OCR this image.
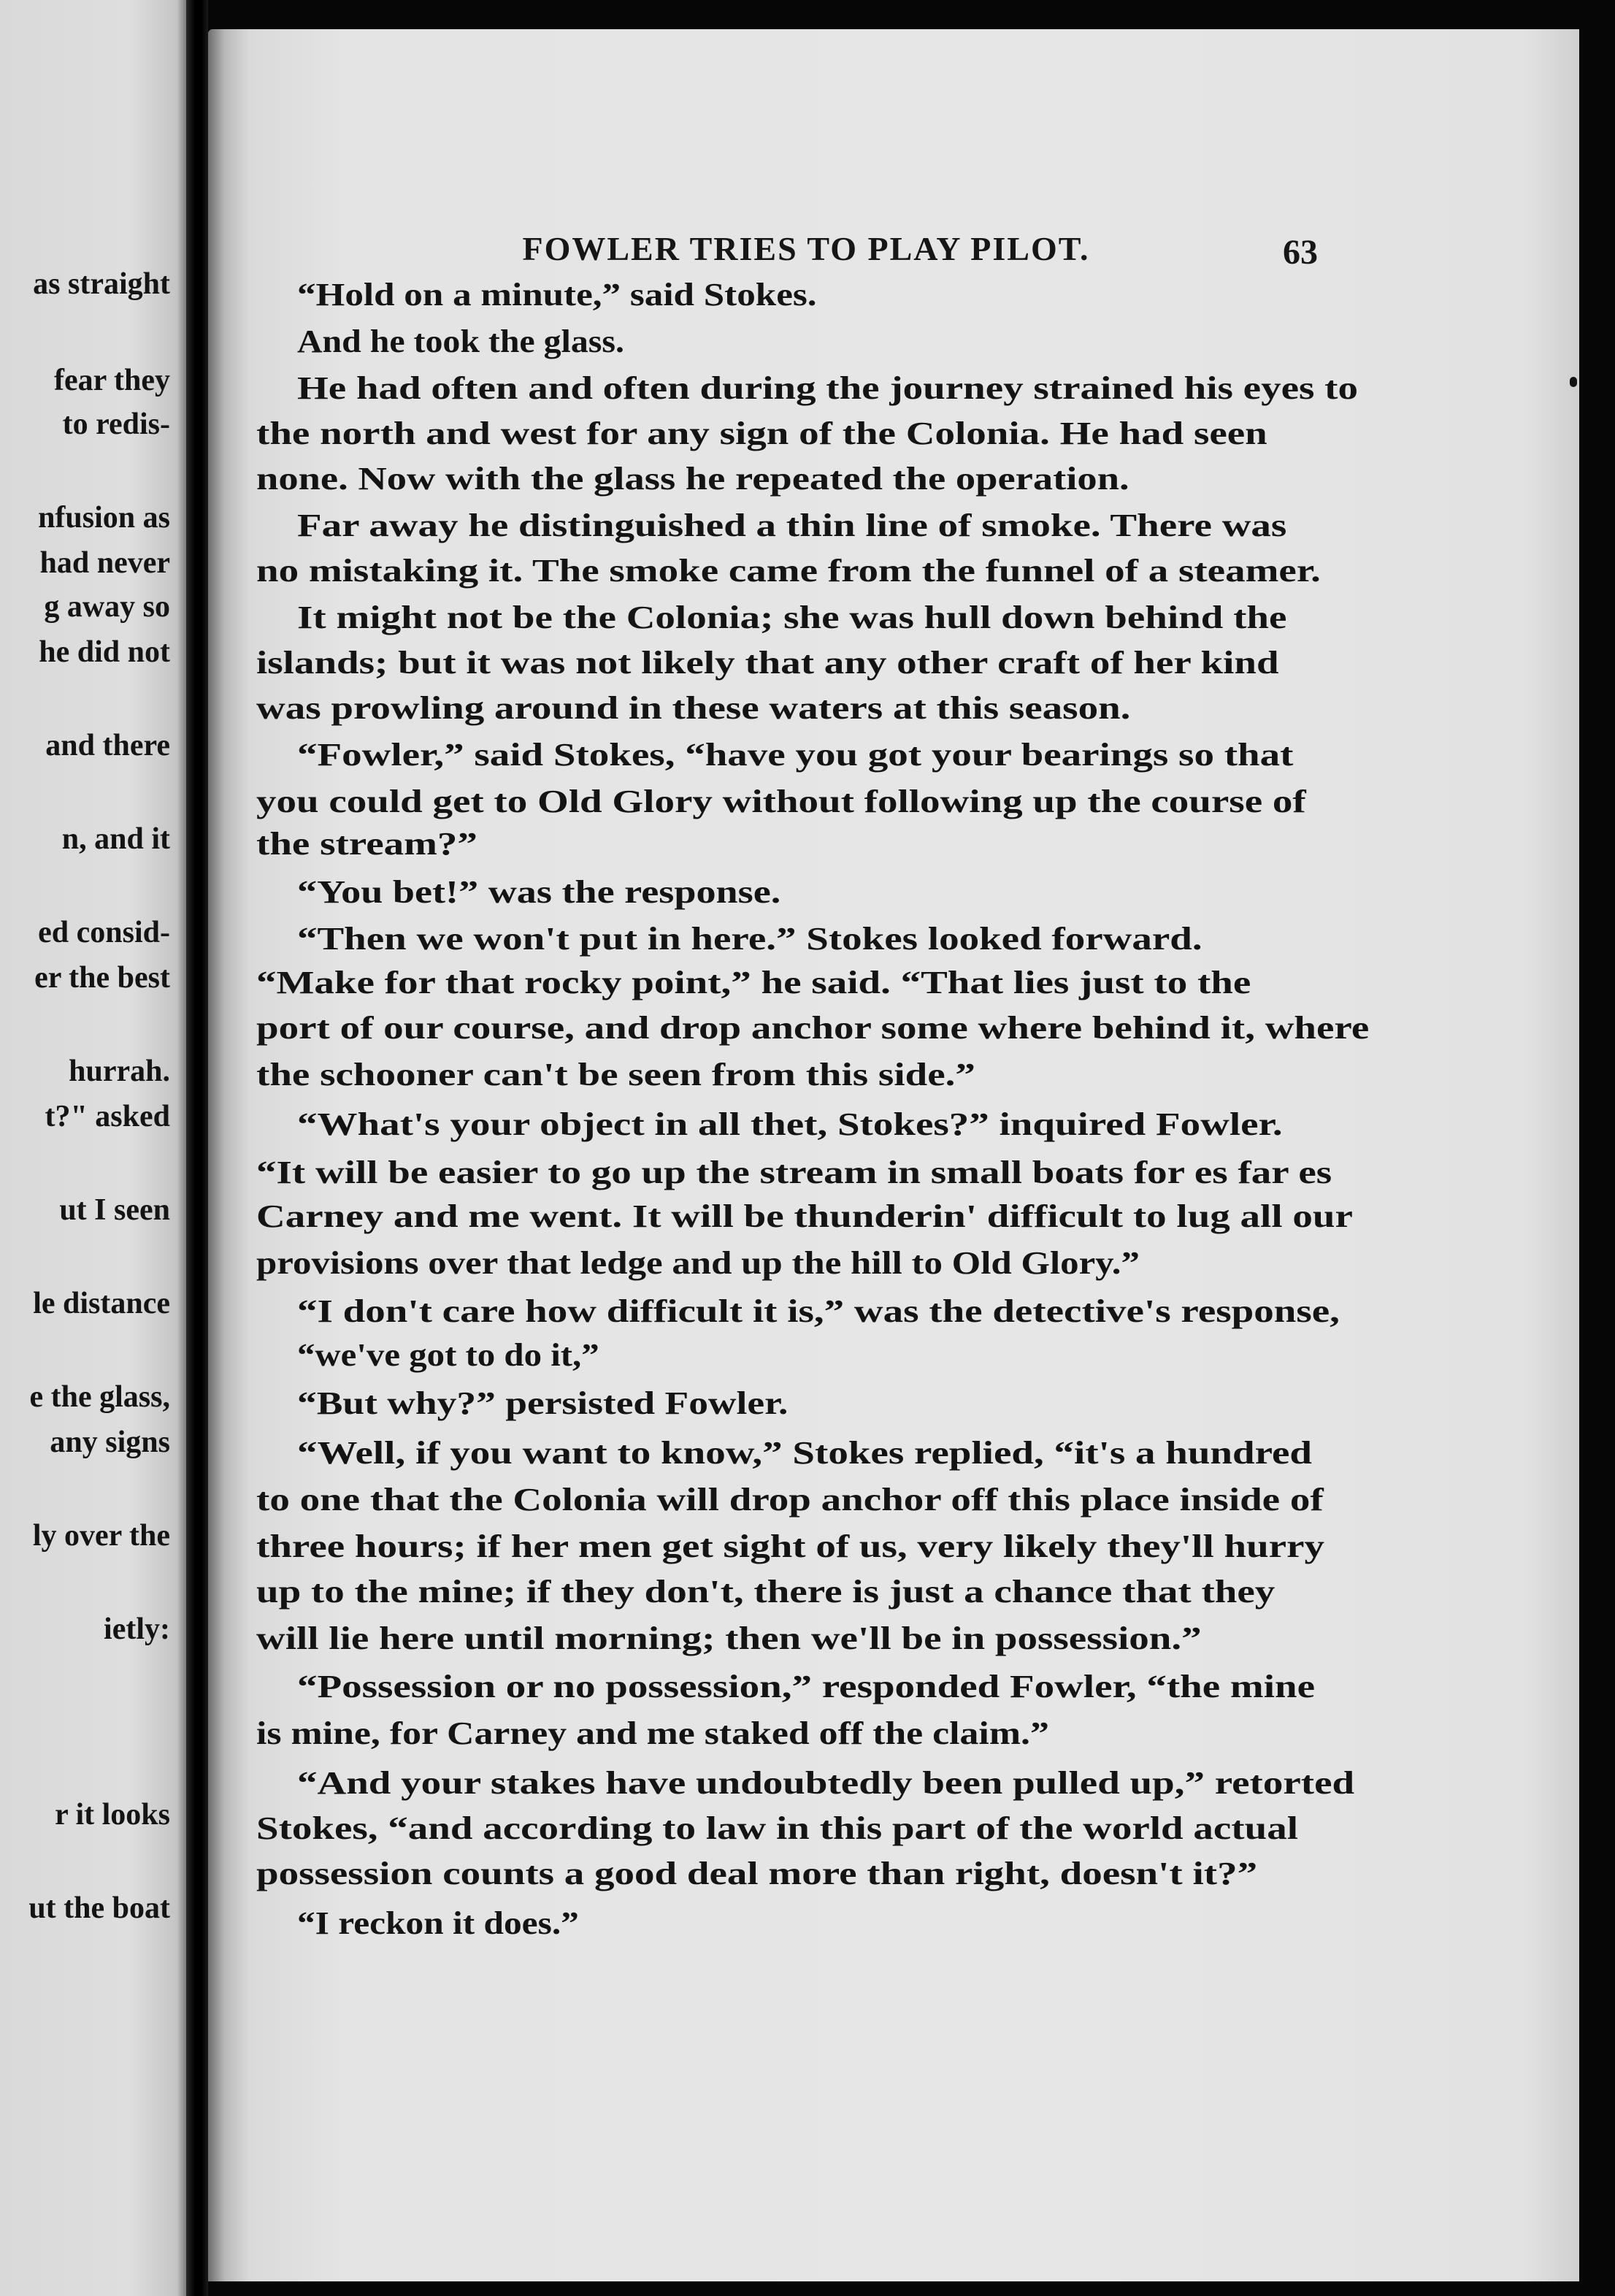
as straight
fear they
to redis-
nfusion as
had never
g away so
he did not
and there
n, and it
ed consid-
er the best
hurrah.
t?" asked
ut I seen
le distance
e the glass,
any signs
ly over the
ietly:
r it looks
ut the boat
FOWLER TRIES TO PLAY PILOT.	63
“Hold on a minute,” said Stokes.
And he took the glass.
He had often and often during the journey strained his eyes to
the north and west for any sign of the Colonia. He had seen
none. Now with the glass he repeated the operation.
Far away he distinguished a thin line of smoke. There was
no mistaking it. The smoke came from the funnel of a steamer.
It might not be the Colonia; she was hull down behind the
islands; but it was not likely that any other craft of her kind
was prowling around in these waters at this season.
“Fowler,” said Stokes, “have you got your bearings so that
you could get to Old Glory without following up the course of
the stream?”
“You bet!” was the response.
“Then we won't put in here.” Stokes looked forward.
“Make for that rocky point,” he said. “That lies just to the
port of our course, and drop anchor some where behind it, where
the schooner can't be seen from this side.”
“What's your object in all thet, Stokes?” inquired Fowler.
“It will be easier to go up the stream in small boats for es far es
Carney and me went. It will be thunderin' difficult to lug all our
provisions over that ledge and up the hill to Old Glory.”
“I don't care how difficult it is,” was the detective's response,
“we've got to do it,”
“But why?” persisted Fowler.
“Well, if you want to know,” Stokes replied, “it's a hundred
to one that the Colonia will drop anchor off this place inside of
three hours; if her men get sight of us, very likely they'll hurry
up to the mine; if they don't, there is just a chance that they
will lie here until morning; then we'll be in possession.”
“Possession or no possession,” responded Fowler, “the mine
is mine, for Carney and me staked off the claim.”
“And your stakes have undoubtedly been pulled up,” retorted
Stokes, “and according to law in this part of the world actual
possession counts a good deal more than right, doesn't it?”
“I reckon it does.”
